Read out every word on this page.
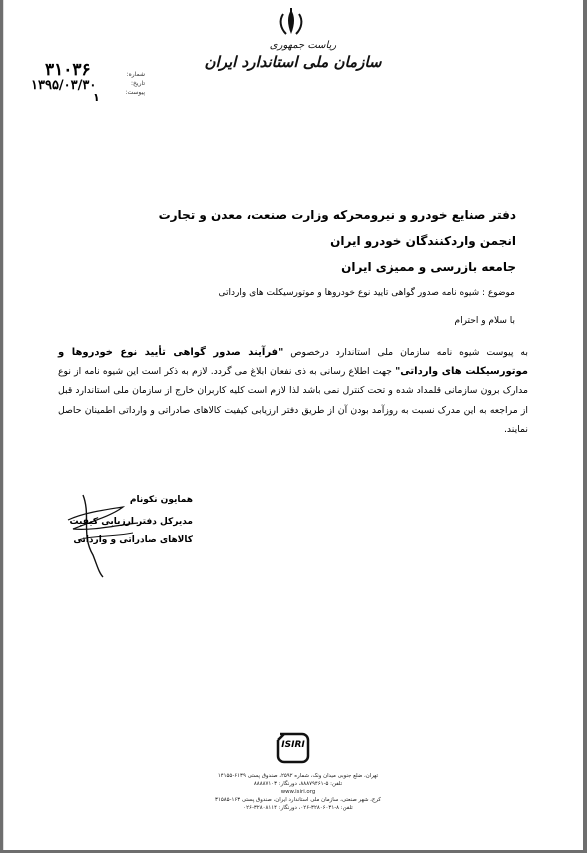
ریاست جمهوری
سازمان ملی استاندارد ایران
شماره:
تاریخ:
پیوست:
۳۱۰۳۶
۱۳۹۵/۰۳/۳۰
۱
دفتر صنایع خودرو و نیرومحرکه وزارت صنعت، معدن و تجارت
انجمن واردکنندگان خودرو ایران
جامعه بازرسی و ممیزی ایران
موضوع : شیوه نامه صدور گواهی تایید نوع خودروها و موتورسیکلت های وارداتی
با سلام و احترام
به پیوست شیوه نامه سازمان ملی استاندارد درخصوص "فرآیند صدور گواهی تأیید نوع خودروها و موتورسیکلت های وارداتی" جهت اطلاع رسانی به ذی نفعان ابلاغ می گردد. لازم به ذکر است این شیوه نامه از نوع مدارک برون سازمانی قلمداد شده و تحت کنترل نمی باشد لذا لازم است کلیه کاربران خارج از سازمان ملی استاندارد قبل از مراجعه به این مدرک نسبت به روزآمد بودن آن از طریق دفتر ارزیابی کیفیت کالاهای صادراتی و وارداتی اطمینان حاصل نمایند.
همایون نکونام
مدیرکل دفتر ارزیابی کیفیت
کالاهای صادراتی و وارداتی
ISIRI
تهران، ضلع جنوبی میدان ونک، شماره ۲۵۹۲، صندوق پستی ۶۱۳۹-۱۴۱۵۵
تلفن: ۵-۸۸۸۷۹۴۶۱، دورنگار: ۸۸۸۸۷۱۰۳
www.isiri.org
کرج، شهر صنعتی، سازمان ملی استاندارد ایران، صندوق پستی ۱۶۳-۳۱۵۸۵
تلفن: ۸-۳۲۸۰۶۰۳۱-۰۲۶، دورنگار: ۳۲۸۰۸۱۱۴-۰۲۶
